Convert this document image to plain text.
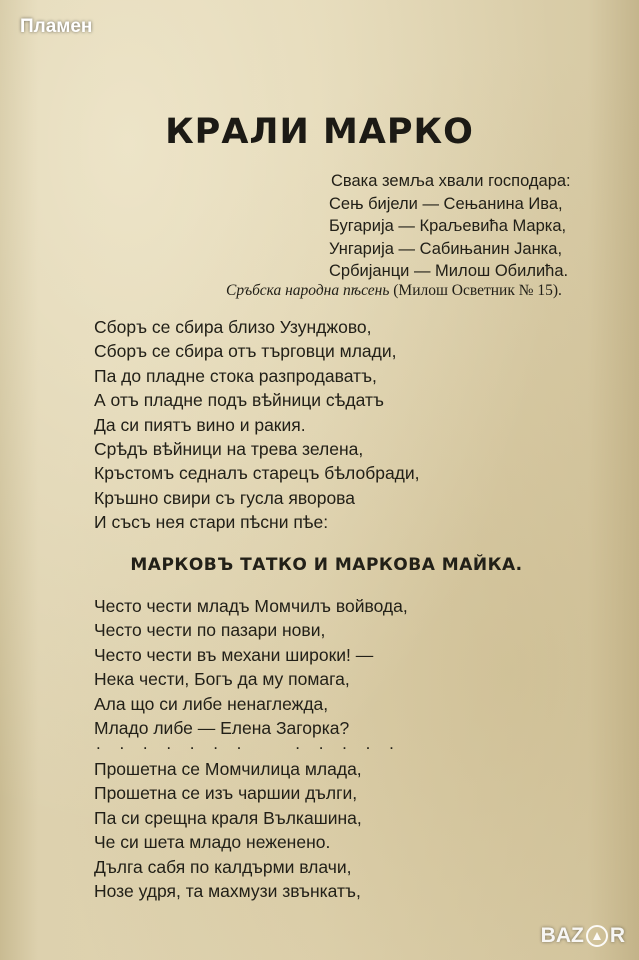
Пламен
КРАЛИ МАРКО
Свака земља хвали господара:
Сењ бијели — Сењанина Ива,
Бугарија — Краљевића Марка,
Унгарија — Сабињанин Јанка,
Србијанци — Милош Обилића.
Сръбска народна пѣсень (Милош Осветник № 15).
Сборъ се сбира близо Узунджово,
Сборъ се сбира отъ търговци млади,
Па до пладне стока разпродаватъ,
А отъ пладне подъ вѣйници сѣдатъ
Да си пиятъ вино и ракия.
Срѣдъ вѣйници на трева зелена,
Кръстомъ седналъ старецъ бѣлобради,
Кръшно свири съ гусла яворова
И съсъ нея стари пѣсни пѣе:
МАРКОВЪ ТАТКО И МАРКОВА МАЙКА.
Често чести младъ Момчилъ войвода,
Често чести по пазари нови,
Често чести въ механи широки! —
Нека чести, Богъ да му помага,
Ала що си либе ненаглежда,
Младо либе — Елена Загорка?
. . . . . . .    . . . . .
Прошетна се Момчилица млада,
Прошетна се изъ чаршии дълги,
Па си срещна краля Вълкашина,
Че си шета младо неженено.
Дълга сабя по калдърми влачи,
Нозе удря, та махмузи звънкатъ,
BAZ R
